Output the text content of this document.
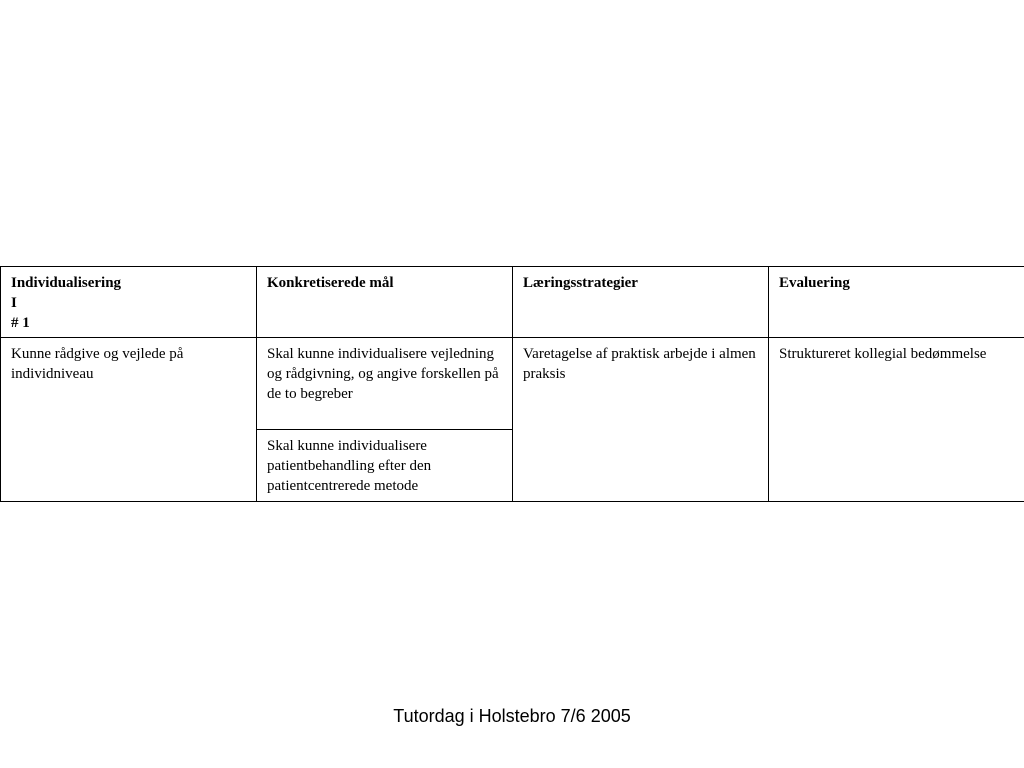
Individualisering
I
# 1	Konkretiserede mål	Læringsstrategier	Evaluering
Kunne rådgive og vejlede på individniveau	Skal kunne individualisere vejledning og rådgivning, og angive forskellen på de to begreber	Varetagelse af praktisk arbejde i almen praksis	Struktureret kollegial bedømmelse
	Skal kunne individualisere patientbehandling efter den patientcentrerede metode		
Tutordag i Holstebro 7/6 2005
